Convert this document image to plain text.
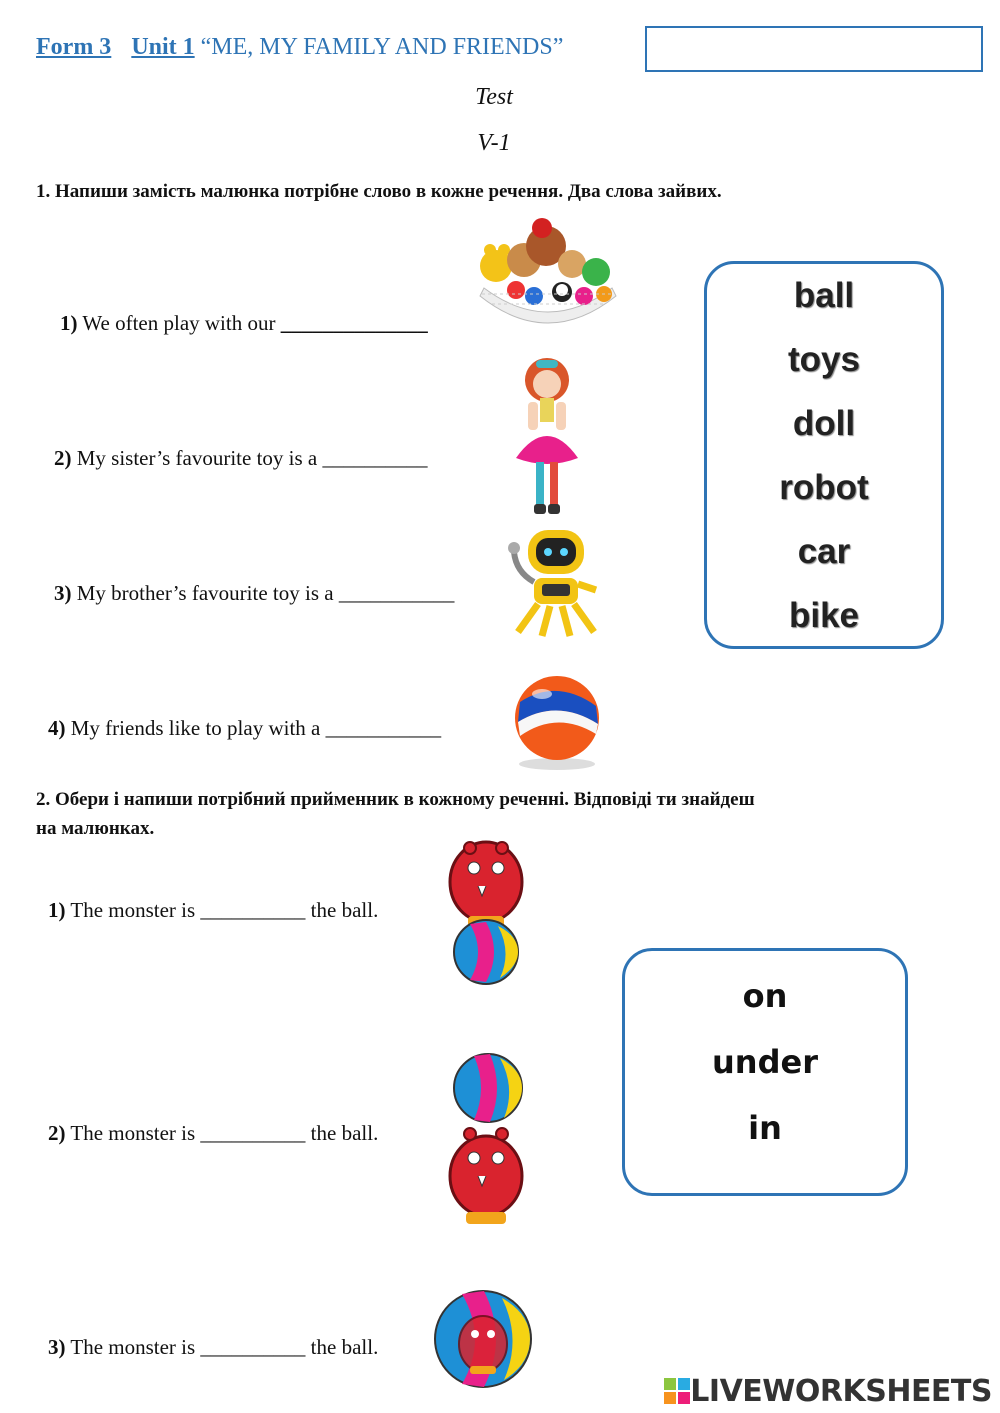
Form 3 Unit 1 “ME, MY FAMILY AND FRIENDS”
Test
V-1
1. Напиши замість малюнка потрібне слово в кожне речення. Два слова зайвих.
1) We often play with our ______________
2) My sister’s favourite toy is a __________
3) My brother’s favourite toy is a ___________
4) My friends like to play with a ___________
ball
toys
doll
robot
car
bike
2. Обери і напиши потрібний прийменник в кожному реченні. Відповіді ти знайдеш
на малюнках.
1) The monster is __________ the ball.
2) The monster is __________ the ball.
3) The monster is __________ the ball.
on
under
in
LIVEWORKSHEETS
